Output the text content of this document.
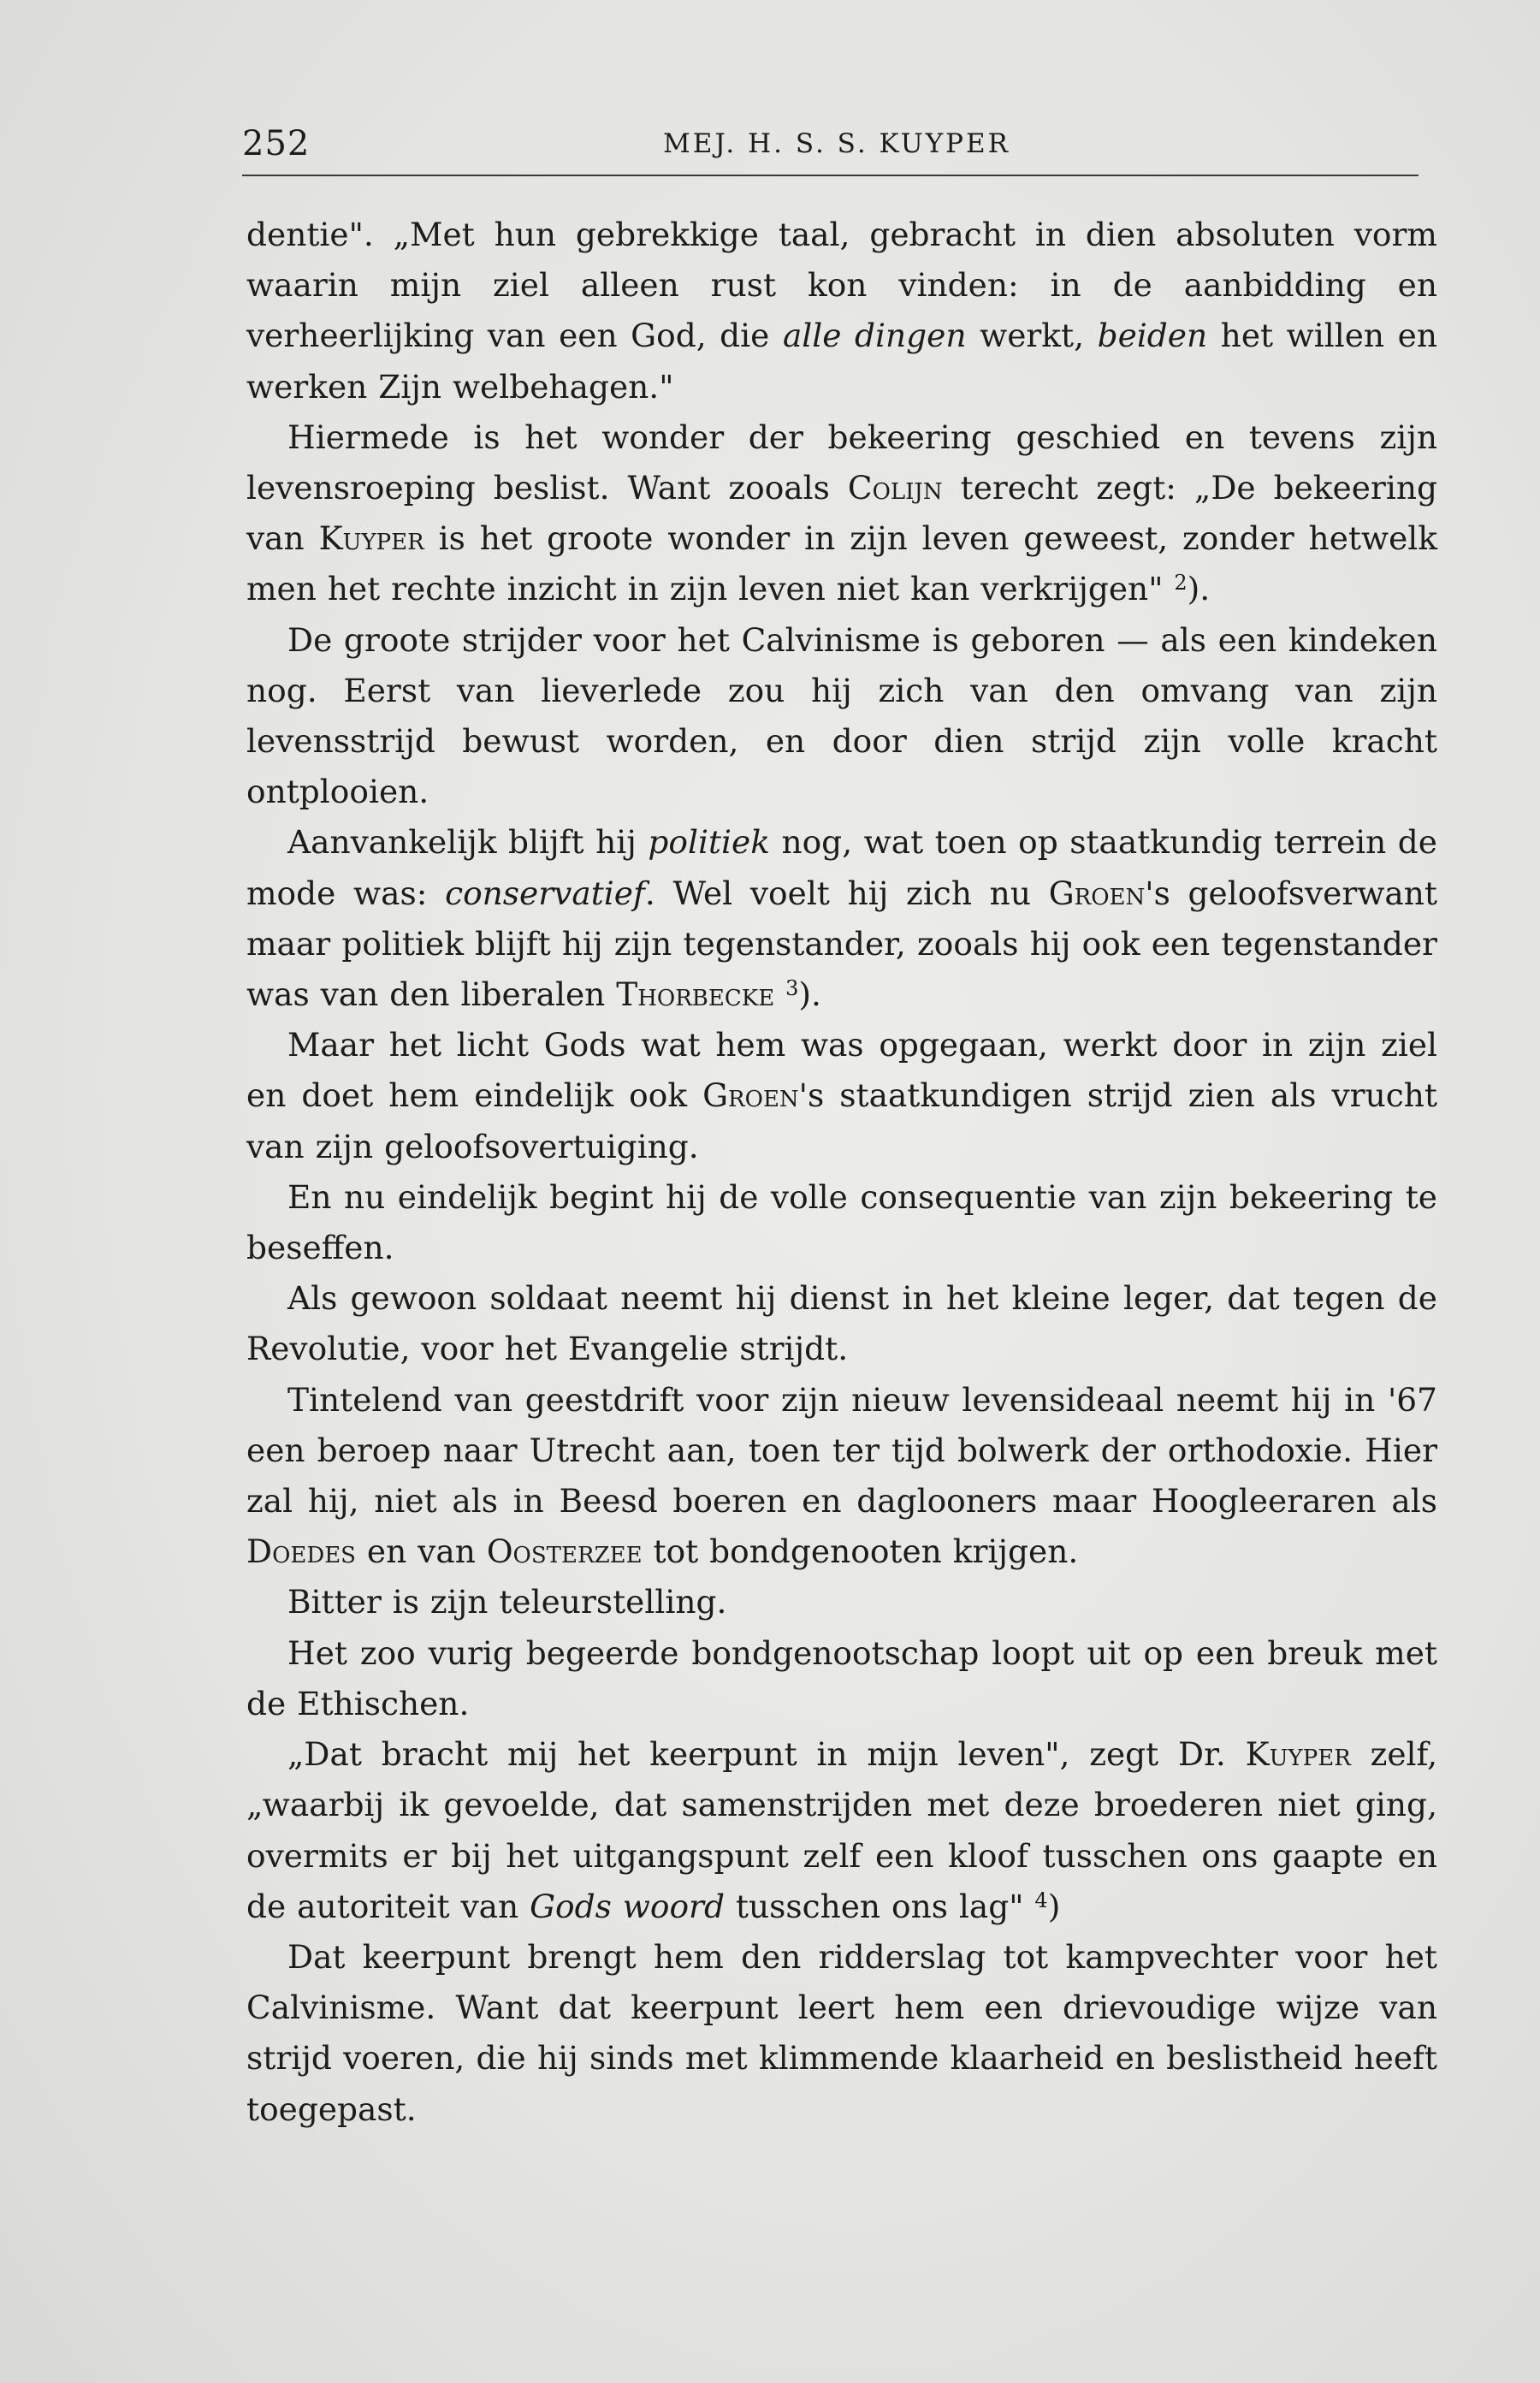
252	MEJ. H. S. S. KUYPER

dentie". „Met hun gebrekkige taal, gebracht in dien absoluten vorm waarin mijn ziel alleen rust kon vinden: in de aanbidding en verheerlijking van een God, die alle dingen werkt, beiden het willen en werken Zijn welbehagen."

Hiermede is het wonder der bekeering geschied en tevens zijn levensroeping beslist. Want zooals Colijn terecht zegt: „De bekeering van Kuyper is het groote wonder in zijn leven geweest, zonder hetwelk men het rechte inzicht in zijn leven niet kan verkrijgen" $^2$).

De groote strijder voor het Calvinisme is geboren — als een kindeken nog. Eerst van lieverlede zou hij zich van den omvang van zijn levensstrijd bewust worden, en door dien strijd zijn volle kracht ontplooien.

Aanvankelijk blijft hij politiek nog, wat toen op staatkundig terrein de mode was: conservatief. Wel voelt hij zich nu Groen's geloofsverwant maar politiek blijft hij zijn tegenstander, zooals hij ook een tegenstander was van den liberalen Thorbecke $^3$).

Maar het licht Gods wat hem was opgegaan, werkt door in zijn ziel en doet hem eindelijk ook Groen's staatkundigen strijd zien als vrucht van zijn geloofsovertuiging.

En nu eindelijk begint hij de volle consequentie van zijn bekeering te beseffen.

Als gewoon soldaat neemt hij dienst in het kleine leger, dat tegen de Revolutie, voor het Evangelie strijdt.

Tintelend van geestdrift voor zijn nieuw levensideaal neemt hij in '67 een beroep naar Utrecht aan, toen ter tijd bolwerk der orthodoxie. Hier zal hij, niet als in Beesd boeren en daglooners maar Hoogleeraren als Doedes en van Oosterzee tot bondgenooten krijgen.

Bitter is zijn teleurstelling.

Het zoo vurig begeerde bondgenootschap loopt uit op een breuk met de Ethischen.

„Dat bracht mij het keerpunt in mijn leven", zegt Dr. Kuyper zelf, „waarbij ik gevoelde, dat samenstrijden met deze broederen niet ging, overmits er bij het uitgangspunt zelf een kloof tusschen ons gaapte en de autoriteit van Gods woord tusschen ons lag" $^4$)

Dat keerpunt brengt hem den ridderslag tot kampvechter voor het Calvinisme. Want dat keerpunt leert hem een drievoudige wijze van strijd voeren, die hij sinds met klimmende klaarheid en beslistheid heeft toegepast.
